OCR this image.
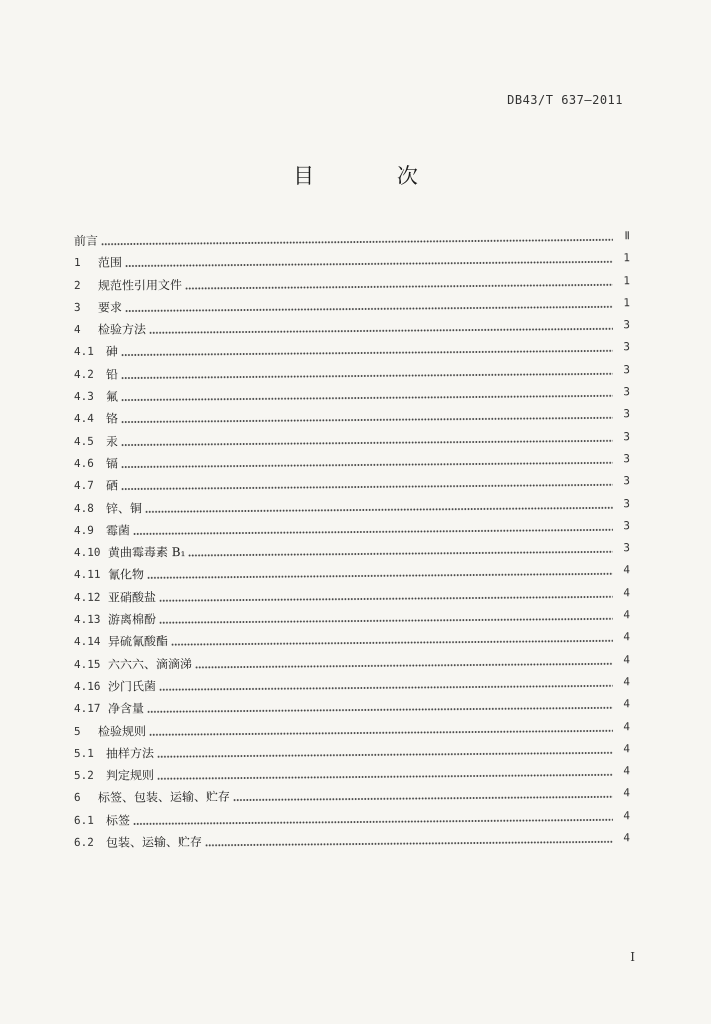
DB43/T 637—2011
目 次
前言	Ⅱ
1	范围	1
2	规范性引用文件	1
3	要求	1
4	检验方法	3
4.1	砷	3
4.2	铅	3
4.3	氟	3
4.4	铬	3
4.5	汞	3
4.6	镉	3
4.7	硒	3
4.8	锌、铜	3
4.9	霉菌	3
4.10 黄曲霉毒素 B₁	3
4.11 氰化物	4
4.12 亚硝酸盐	4
4.13 游离棉酚	4
4.14 异硫氰酸酯	4
4.15 六六六、滴滴涕	4
4.16 沙门氏菌	4
4.17 净含量	4
5	检验规则	4
5.1	抽样方法	4
5.2	判定规则	4
6	标签、包装、运输、贮存	4
6.1	标签	4
6.2	包装、运输、贮存	4
I
